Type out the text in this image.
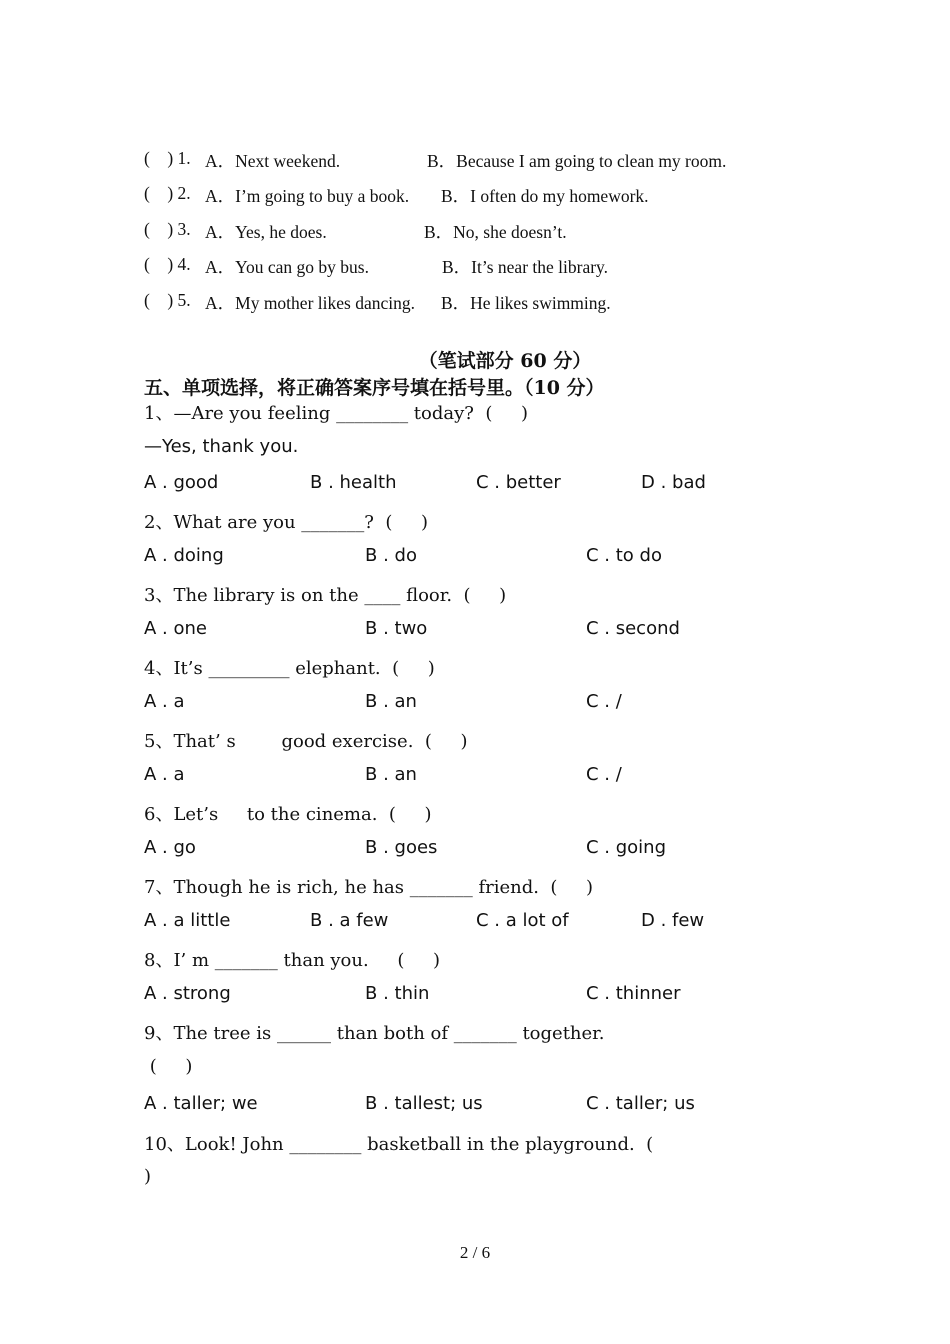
(    ) 1.

A．Next weekend.

	B．Because I am going to clean my room.

(    ) 2.

A．I’m going to buy a book.

B．I often do my homework.

(    ) 3.

A．Yes, he does.

	B．No, she doesn’t.

(    ) 4.

A．You can go by bus.

	B．It’s near the library.

(    ) 5.

A．My mother likes dancing.

B．He likes swimming.

（笔试部分 60 分）
五、单项选择，将正确答案序号填在括号里。（10 分）
1、—Are you feeling ________ today?  (     )
—Yes, thank you.

A . good

	B . health

	C . better

	D . bad

2、What are you _______?  (     )

A . doing

	B . do

	C . to do

3、The library is on the ____ floor.  (     )

A . one

	B . two

	C . second

4、It’s _________ elephant.  (     )

A . a

	B . an

	C . /

5、That’ s        good exercise.  (     )

A . a

	B . an

	C . /

6、Let’s     to the cinema.  (     )

A . go

	B . goes

	C . going

7、Though he is rich, he has _______ friend.  (     )

A . a little

	B . a few

	C . a lot of

	D . few

8、I’ m _______ than you.     (     )

A . strong

	B . thin

	C . thinner

9、The tree is ______ than both of _______ together.
(     )

A . taller; we

	B . tallest; us

	C . taller; us

10、Look! John ________ basketball in the playground.  (
)
2 / 6
